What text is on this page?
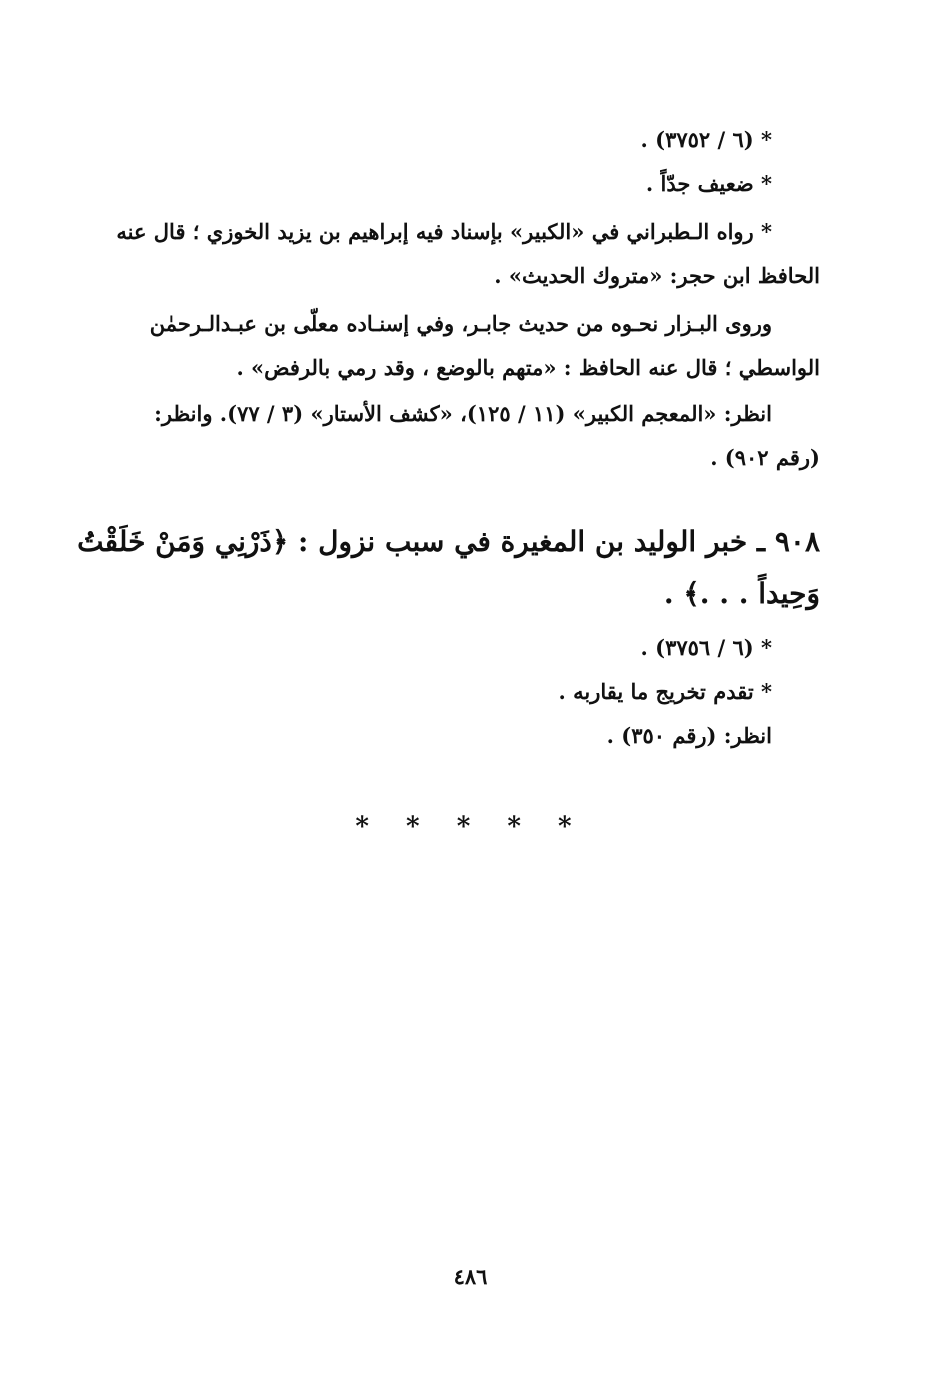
* (٦ / ٣٧٥٢) .
* ضعيف جدّاً .
* رواه الـطبراني في «الكبير» بإسناد فيه إبراهيم بن يزيد الخوزي ؛ قال عنه
الحافظ ابن حجر: «متروك الحديث» .
وروى البـزار نحـوه من حديث جابـر، وفي إسنـاده معلّى بن عبـدالـرحمٰن
الواسطي ؛ قال عنه الحافظ : «متهم بالوضع ، وقد رمي بالرفض» .
انظر: «المعجم الكبير» (١١ / ١٢٥)، «كشف الأستار» (٣ / ٧٧). وانظر:
(رقم ٩٠٢) .
٩٠٨ ـ خبر الوليد بن المغيرة في سبب نزول : ﴿ذَرْنِي وَمَنْ خَلَقْتُ
وَحِيداً . . .﴾ .
* (٦ / ٣٧٥٦) .
* تقدم تخريج ما يقاربه .
انظر: (رقم ٣٥٠) .
* * * * *
٤٨٦
